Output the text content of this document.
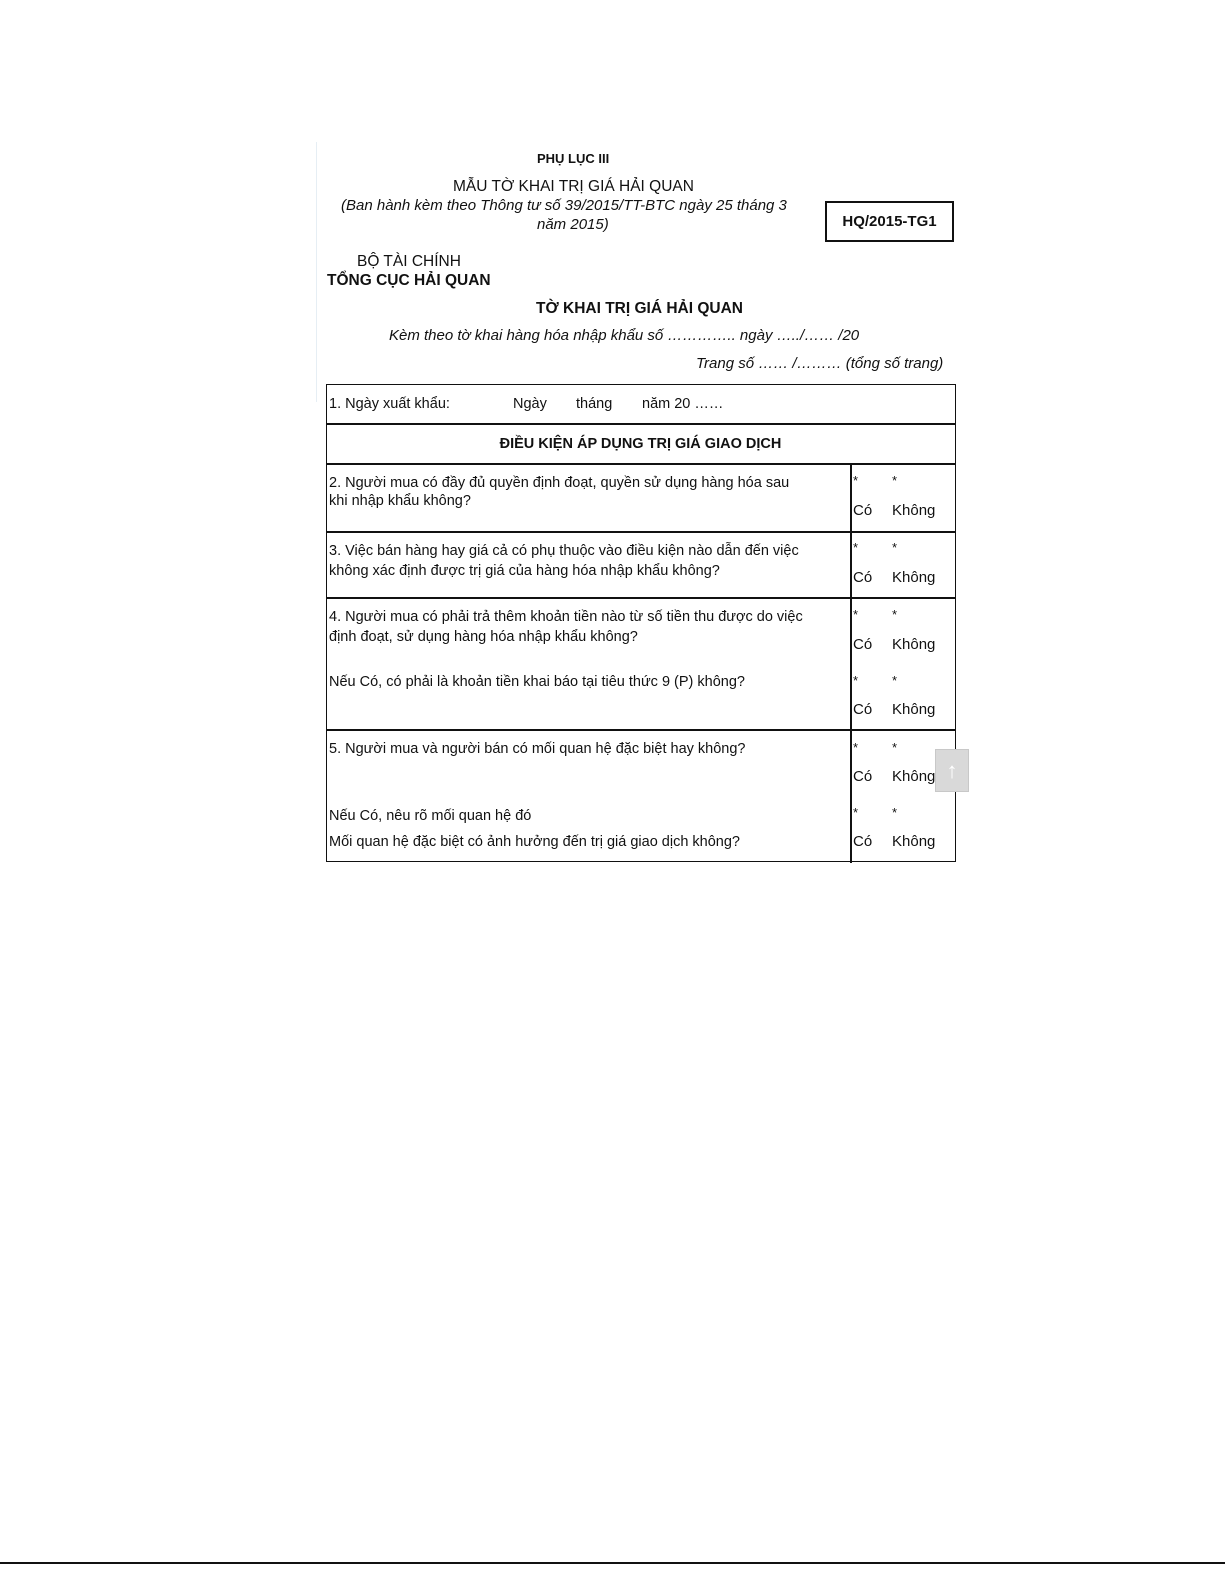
PHỤ LỤC III
MẪU TỜ KHAI TRỊ GIÁ HẢI QUAN
(Ban hành kèm theo Thông tư số 39/2015/TT-BTC ngày 25 tháng 3
năm 2015)	HQ/2015-TG1
BỘ TÀI CHÍNH
TỔNG CỤC HẢI QUAN
TỜ KHAI TRỊ GIÁ HẢI QUAN
Kèm theo tờ khai hàng hóa nhập khẩu số ………….. ngày …../…… /20
Trang số …… /……… (tổng số trang)
1. Ngày xuất khẩu:	Ngày tháng năm 20 ……
ĐIỀU KIỆN ÁP DỤNG TRỊ GIÁ GIAO DỊCH
2. Người mua có đầy đủ quyền định đoạt, quyền sử dụng hàng hóa sau
khi nhập khẩu không?
*	*
Có Không
3. Việc bán hàng hay giá cả có phụ thuộc vào điều kiện nào dẫn đến việc
không xác định được trị giá của hàng hóa nhập khẩu không?
*	*
Có Không
4. Người mua có phải trả thêm khoản tiền nào từ số tiền thu được do việc
định đoạt, sử dụng hàng hóa nhập khẩu không?
*	*
Có Không
Nếu Có, có phải là khoản tiền khai báo tại tiêu thức 9 (P) không?	*	*
Có Không
5. Người mua và người bán có mối quan hệ đặc biệt hay không?	*	*
Có Không
Nếu Có, nêu rõ mối quan hệ đó	*	*
Mối quan hệ đặc biệt có ảnh hưởng đến trị giá giao dịch không?	Có Không
↑
